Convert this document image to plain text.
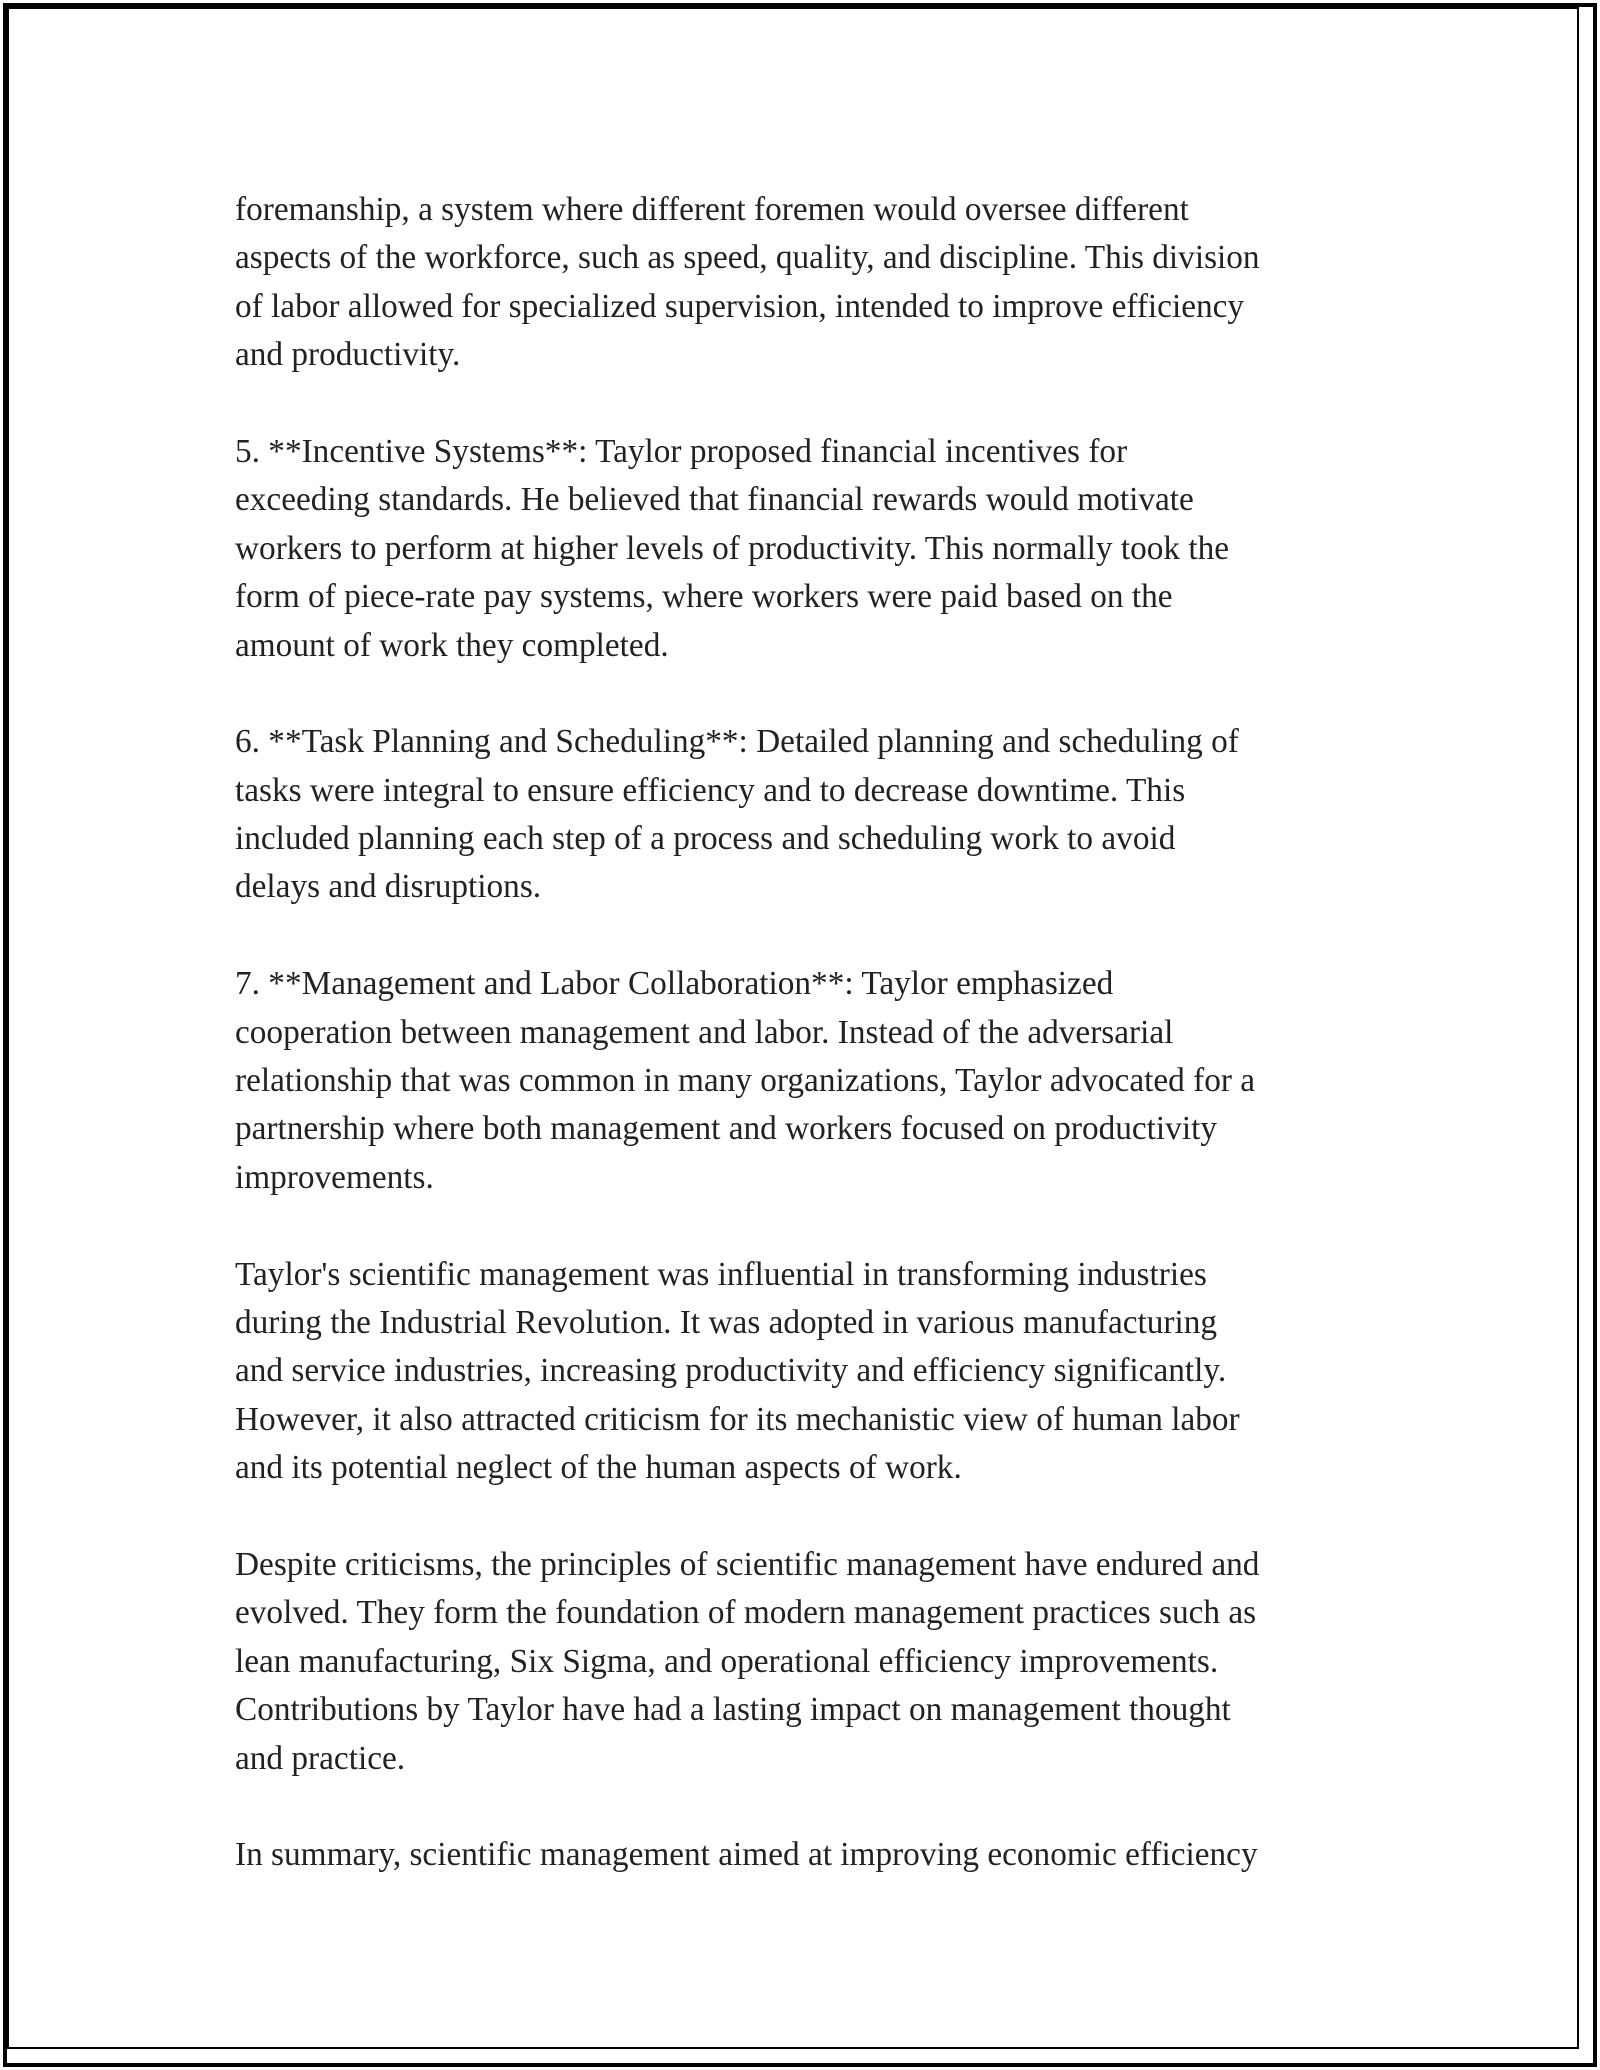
foremanship, a system where different foremen would oversee different
aspects of the workforce, such as speed, quality, and discipline. This division
of labor allowed for specialized supervision, intended to improve efficiency
and productivity.

5. **Incentive Systems**: Taylor proposed financial incentives for
exceeding standards. He believed that financial rewards would motivate
workers to perform at higher levels of productivity. This normally took the
form of piece-rate pay systems, where workers were paid based on the
amount of work they completed.

6. **Task Planning and Scheduling**: Detailed planning and scheduling of
tasks were integral to ensure efficiency and to decrease downtime. This
included planning each step of a process and scheduling work to avoid
delays and disruptions.

7. **Management and Labor Collaboration**: Taylor emphasized
cooperation between management and labor. Instead of the adversarial
relationship that was common in many organizations, Taylor advocated for a
partnership where both management and workers focused on productivity
improvements.

Taylor's scientific management was influential in transforming industries
during the Industrial Revolution. It was adopted in various manufacturing
and service industries, increasing productivity and efficiency significantly.
However, it also attracted criticism for its mechanistic view of human labor
and its potential neglect of the human aspects of work.

Despite criticisms, the principles of scientific management have endured and
evolved. They form the foundation of modern management practices such as
lean manufacturing, Six Sigma, and operational efficiency improvements.
Contributions by Taylor have had a lasting impact on management thought
and practice.

In summary, scientific management aimed at improving economic efficiency
